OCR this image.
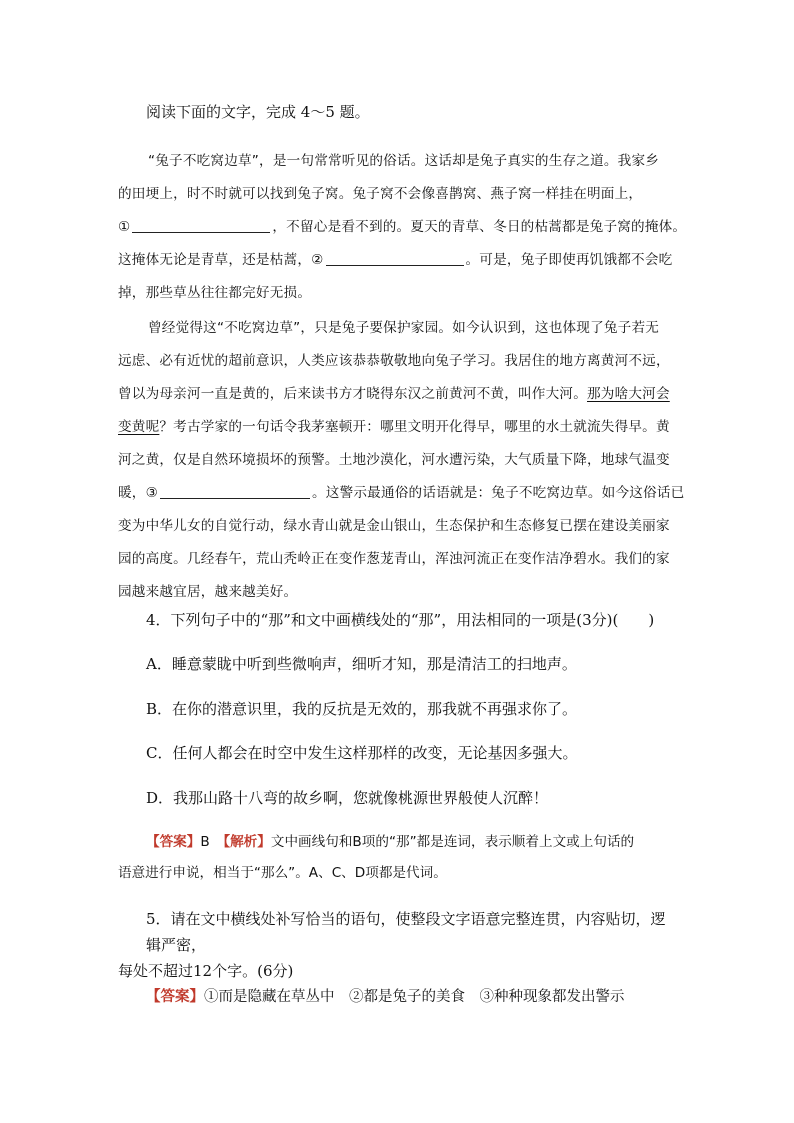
阅读下面的文字，完成 4～5 题。

“兔子不吃窝边草”，是一句常常听见的俗话。这话却是兔子真实的生存之道。我家乡
的田埂上，时不时就可以找到兔子窝。兔子窝不会像喜鹊窝、燕子窝一样挂在明面上，
①	，不留心是看不到的。夏天的青草、冬日的枯蒿都是兔子窝的掩体。
这掩体无论是青草，还是枯蒿，②	。可是，兔子即使再饥饿都不会吃
掉，那些草丛往往都完好无损。
曾经觉得这“不吃窝边草”，只是兔子要保护家园。如今认识到，这也体现了兔子若无
远虑、必有近忧的超前意识，人类应该恭恭敬敬地向兔子学习。我居住的地方离黄河不远，
曾以为母亲河一直是黄的，后来读书方才晓得东汉之前黄河不黄，叫作大河。那为啥大河会
变黄呢？考古学家的一句话令我茅塞顿开：哪里文明开化得早，哪里的水土就流失得早。黄
河之黄，仅是自然环境损坏的预警。土地沙漠化，河水遭污染，大气质量下降，地球气温变
暖，③	。这警示最通俗的话语就是：兔子不吃窝边草。如今这俗话已
变为中华儿女的自觉行动，绿水青山就是金山银山，生态保护和生态修复已摆在建设美丽家
园的高度。几经春午，荒山秃岭正在变作葱茏青山，浑浊河流正在变作洁净碧水。我们的家
园越来越宜居，越来越美好。
4．下列句子中的“那”和文中画横线处的“那”，用法相同的一项是(3分)(　　)
A．睡意蒙眬中听到些微响声，细听才知，那是清洁工的扫地声。
B．在你的潜意识里，我的反抗是无效的，那我就不再强求你了。
C．任何人都会在时空中发生这样那样的改变，无论基因多强大。
D．我那山路十八弯的故乡啊，您就像桃源世界般使人沉醉！
【答案】B　 【解析】文中画线句和B项的“那”都是连词，表示顺着上文或上句话的
语意进行申说，相当于“那么”。A、C、D项都是代词。
5．请在文中横线处补写恰当的语句，使整段文字语意完整连贯，内容贴切，逻辑严密，
每处不超过12个字。(6分)
【答案】①而是隐藏在草丛中　②都是兔子的美食　③种种现象都发出警示
